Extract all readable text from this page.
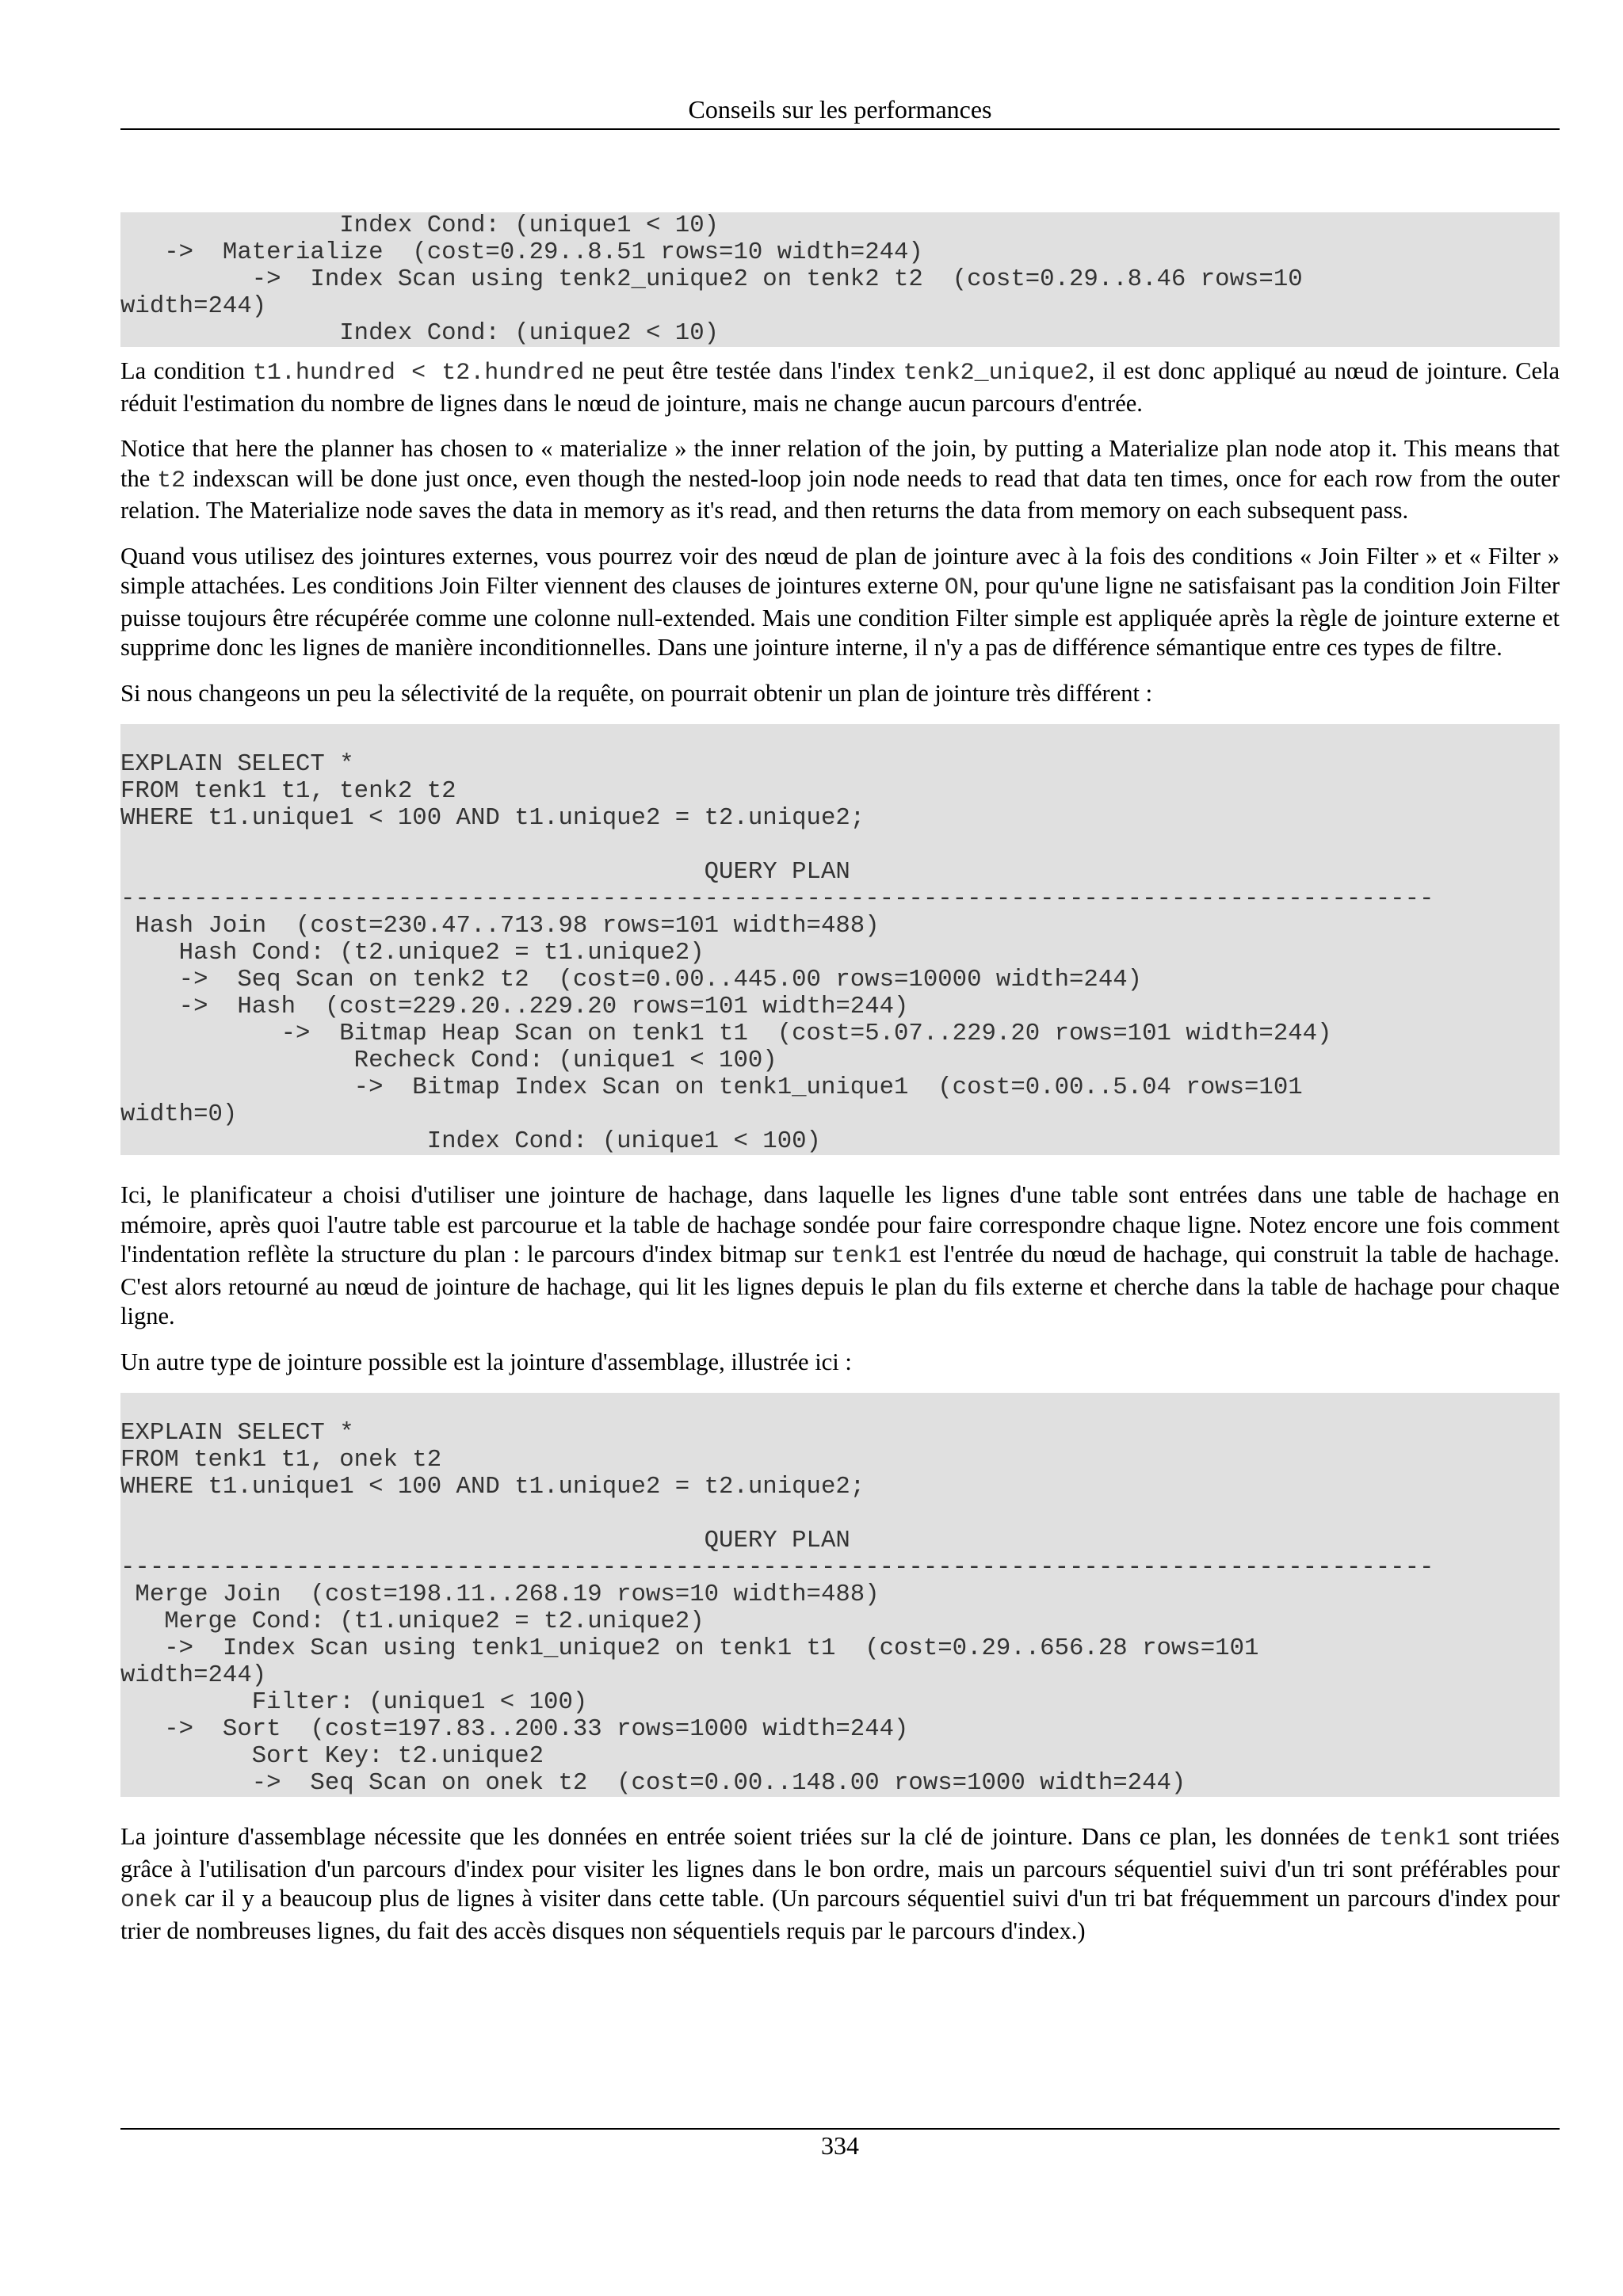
Conseils sur les performances
Index Cond: (unique1 < 10)
->  Materialize  (cost=0.29..8.51 rows=10 width=244)
->  Index Scan using tenk2_unique2 on tenk2 t2  (cost=0.29..8.46 rows=10
width=244)
Index Cond: (unique2 < 10)

La condition t1.hundred < t2.hundred ne peut être testée dans l'index tenk2_unique2, il est donc appliqué au nœud de jointure. Cela réduit l'estimation du nombre de lignes dans le nœud de jointure, mais ne change aucun parcours d'entrée.

Notice that here the planner has chosen to « materialize » the inner relation of the join, by putting a Materialize plan node atop it. This means that the t2 indexscan will be done just once, even though the nested-loop join node needs to read that data ten times, once for each row from the outer relation. The Materialize node saves the data in memory as it's read, and then returns the data from memory on each subsequent pass.

Quand vous utilisez des jointures externes, vous pourrez voir des nœud de plan de jointure avec à la fois des conditions « Join Filter » et « Filter » simple attachées. Les conditions Join Filter viennent des clauses de jointures externe ON, pour qu'une ligne ne satisfaisant pas la condition Join Filter puisse toujours être récupérée comme une colonne null-extended. Mais une condition Filter simple est appliquée après la règle de jointure externe et supprime donc les lignes de manière inconditionnelles. Dans une jointure interne, il n'y a pas de différence sémantique entre ces types de filtre.

Si nous changeons un peu la sélectivité de la requête, on pourrait obtenir un plan de jointure très différent :

EXPLAIN SELECT *
FROM tenk1 t1, tenk2 t2
WHERE t1.unique1 < 100 AND t1.unique2 = t2.unique2;

QUERY PLAN
------------------------------------------------------------------------------------------
Hash Join  (cost=230.47..713.98 rows=101 width=488)
Hash Cond: (t2.unique2 = t1.unique2)
->  Seq Scan on tenk2 t2  (cost=0.00..445.00 rows=10000 width=244)
->  Hash  (cost=229.20..229.20 rows=101 width=244)
->  Bitmap Heap Scan on tenk1 t1  (cost=5.07..229.20 rows=101 width=244)
Recheck Cond: (unique1 < 100)
->  Bitmap Index Scan on tenk1_unique1  (cost=0.00..5.04 rows=101
width=0)
Index Cond: (unique1 < 100)

Ici, le planificateur a choisi d'utiliser une jointure de hachage, dans laquelle les lignes d'une table sont entrées dans une table de hachage en mémoire, après quoi l'autre table est parcourue et la table de hachage sondée pour faire correspondre chaque ligne. Notez encore une fois comment l'indentation reflète la structure du plan : le parcours d'index bitmap sur tenk1 est l'entrée du nœud de hachage, qui construit la table de hachage. C'est alors retourné au nœud de jointure de hachage, qui lit les lignes depuis le plan du fils externe et cherche dans la table de hachage pour chaque ligne.

Un autre type de jointure possible est la jointure d'assemblage, illustrée ici :

EXPLAIN SELECT *
FROM tenk1 t1, onek t2
WHERE t1.unique1 < 100 AND t1.unique2 = t2.unique2;

QUERY PLAN
------------------------------------------------------------------------------------------
Merge Join  (cost=198.11..268.19 rows=10 width=488)
Merge Cond: (t1.unique2 = t2.unique2)
->  Index Scan using tenk1_unique2 on tenk1 t1  (cost=0.29..656.28 rows=101
width=244)
Filter: (unique1 < 100)
->  Sort  (cost=197.83..200.33 rows=1000 width=244)
Sort Key: t2.unique2
->  Seq Scan on onek t2  (cost=0.00..148.00 rows=1000 width=244)

La jointure d'assemblage nécessite que les données en entrée soient triées sur la clé de jointure. Dans ce plan, les données de tenk1 sont triées grâce à l'utilisation d'un parcours d'index pour visiter les lignes dans le bon ordre, mais un parcours séquentiel suivi d'un tri sont préférables pour onek car il y a beaucoup plus de lignes à visiter dans cette table. (Un parcours séquentiel suivi d'un tri bat fréquemment un parcours d'index pour trier de nombreuses lignes, du fait des accès disques non séquentiels requis par le parcours d'index.)

334
